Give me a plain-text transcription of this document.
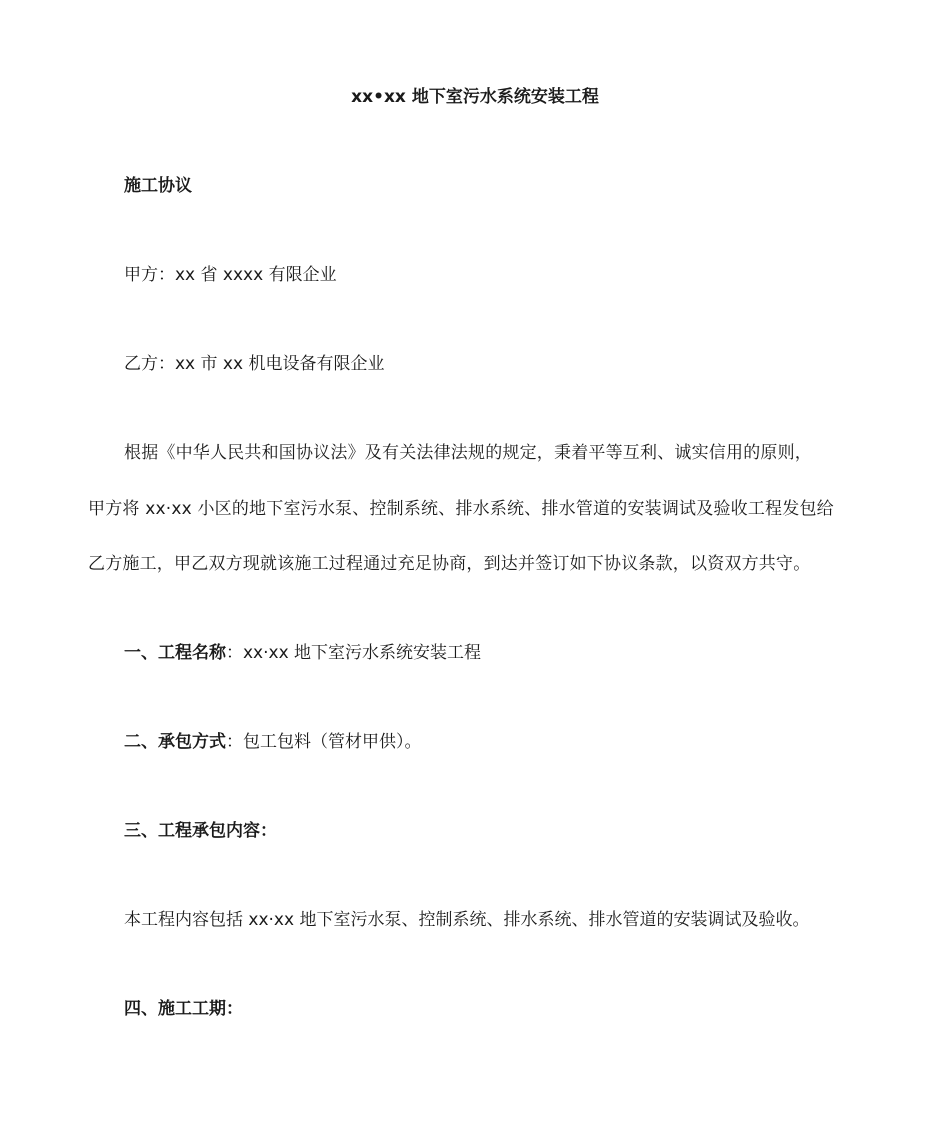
xx•xx 地下室污水系统安装工程
施工协议
甲方：xx 省 xxxx 有限企业
乙方：xx 市 xx 机电设备有限企业
根据《中华人民共和国协议法》及有关法律法规的规定，秉着平等互利、诚实信用的原则，
甲方将 xx·xx 小区的地下室污水泵、控制系统、排水系统、排水管道的安装调试及验收工程发包给
乙方施工，甲乙双方现就该施工过程通过充足协商，到达并签订如下协议条款，以资双方共守。
一、工程名称：xx·xx 地下室污水系统安装工程
二、承包方式：包工包料（管材甲供）。
三、工程承包内容：
本工程内容包括 xx·xx 地下室污水泵、控制系统、排水系统、排水管道的安装调试及验收。
四、施工工期：
